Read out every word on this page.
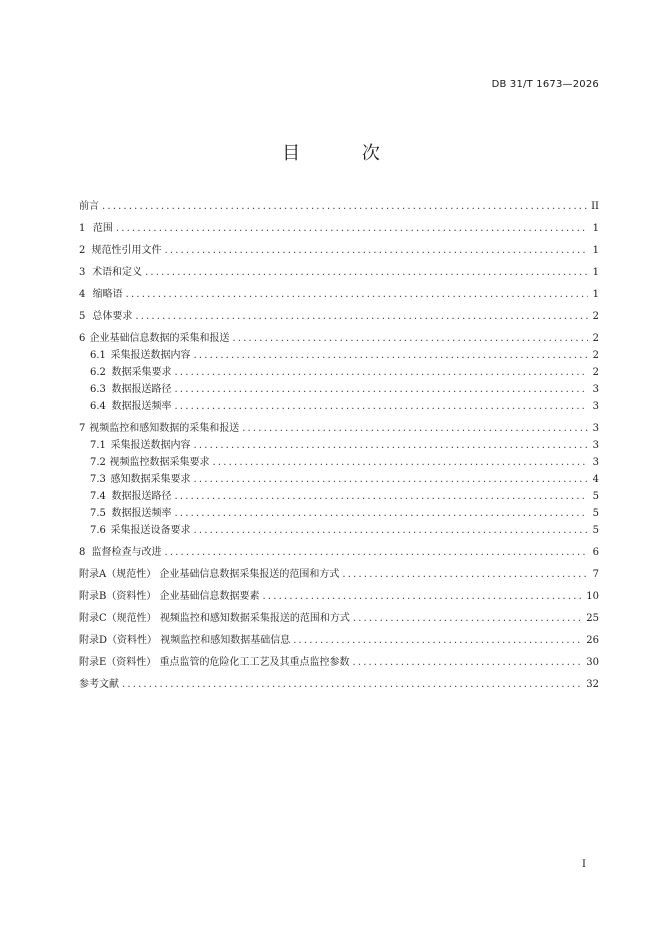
DB 31/T 1673—2026
目 次
前言 . . .	II
1 范围 . . .	1
2 规范性引用文件 . . .	1
3 术语和定义 . . .	1
4 缩略语 . . .	1
5 总体要求 . . .	2
6 企业基础信息数据的采集和报送 . . .	2
6.1 采集报送数据内容 . . .	2
6.2 数据采集要求 . . .	2
6.3 数据报送路径 . . .	3
6.4 数据报送频率 . . .	3
7 视频监控和感知数据的采集和报送 . . .	3
7.1 采集报送数据内容 . . .	3
7.2 视频监控数据采集要求 . . .	3
7.3 感知数据采集要求 . . .	4
7.4 数据报送路径 . . .	5
7.5 数据报送频率 . . .	5
7.6 采集报送设备要求 . . .	5
8 监督检查与改进 . . .	6
附录A（规范性） 企业基础信息数据采集报送的范围和方式 . . .	7
附录B（资料性） 企业基础信息数据要素 . . .	10
附录C（规范性） 视频监控和感知数据采集报送的范围和方式 . . .	25
附录D（资料性） 视频监控和感知数据基础信息 . . .	26
附录E（资料性） 重点监管的危险化工工艺及其重点监控参数 . . .	30
参考文献 . . .	32
I
